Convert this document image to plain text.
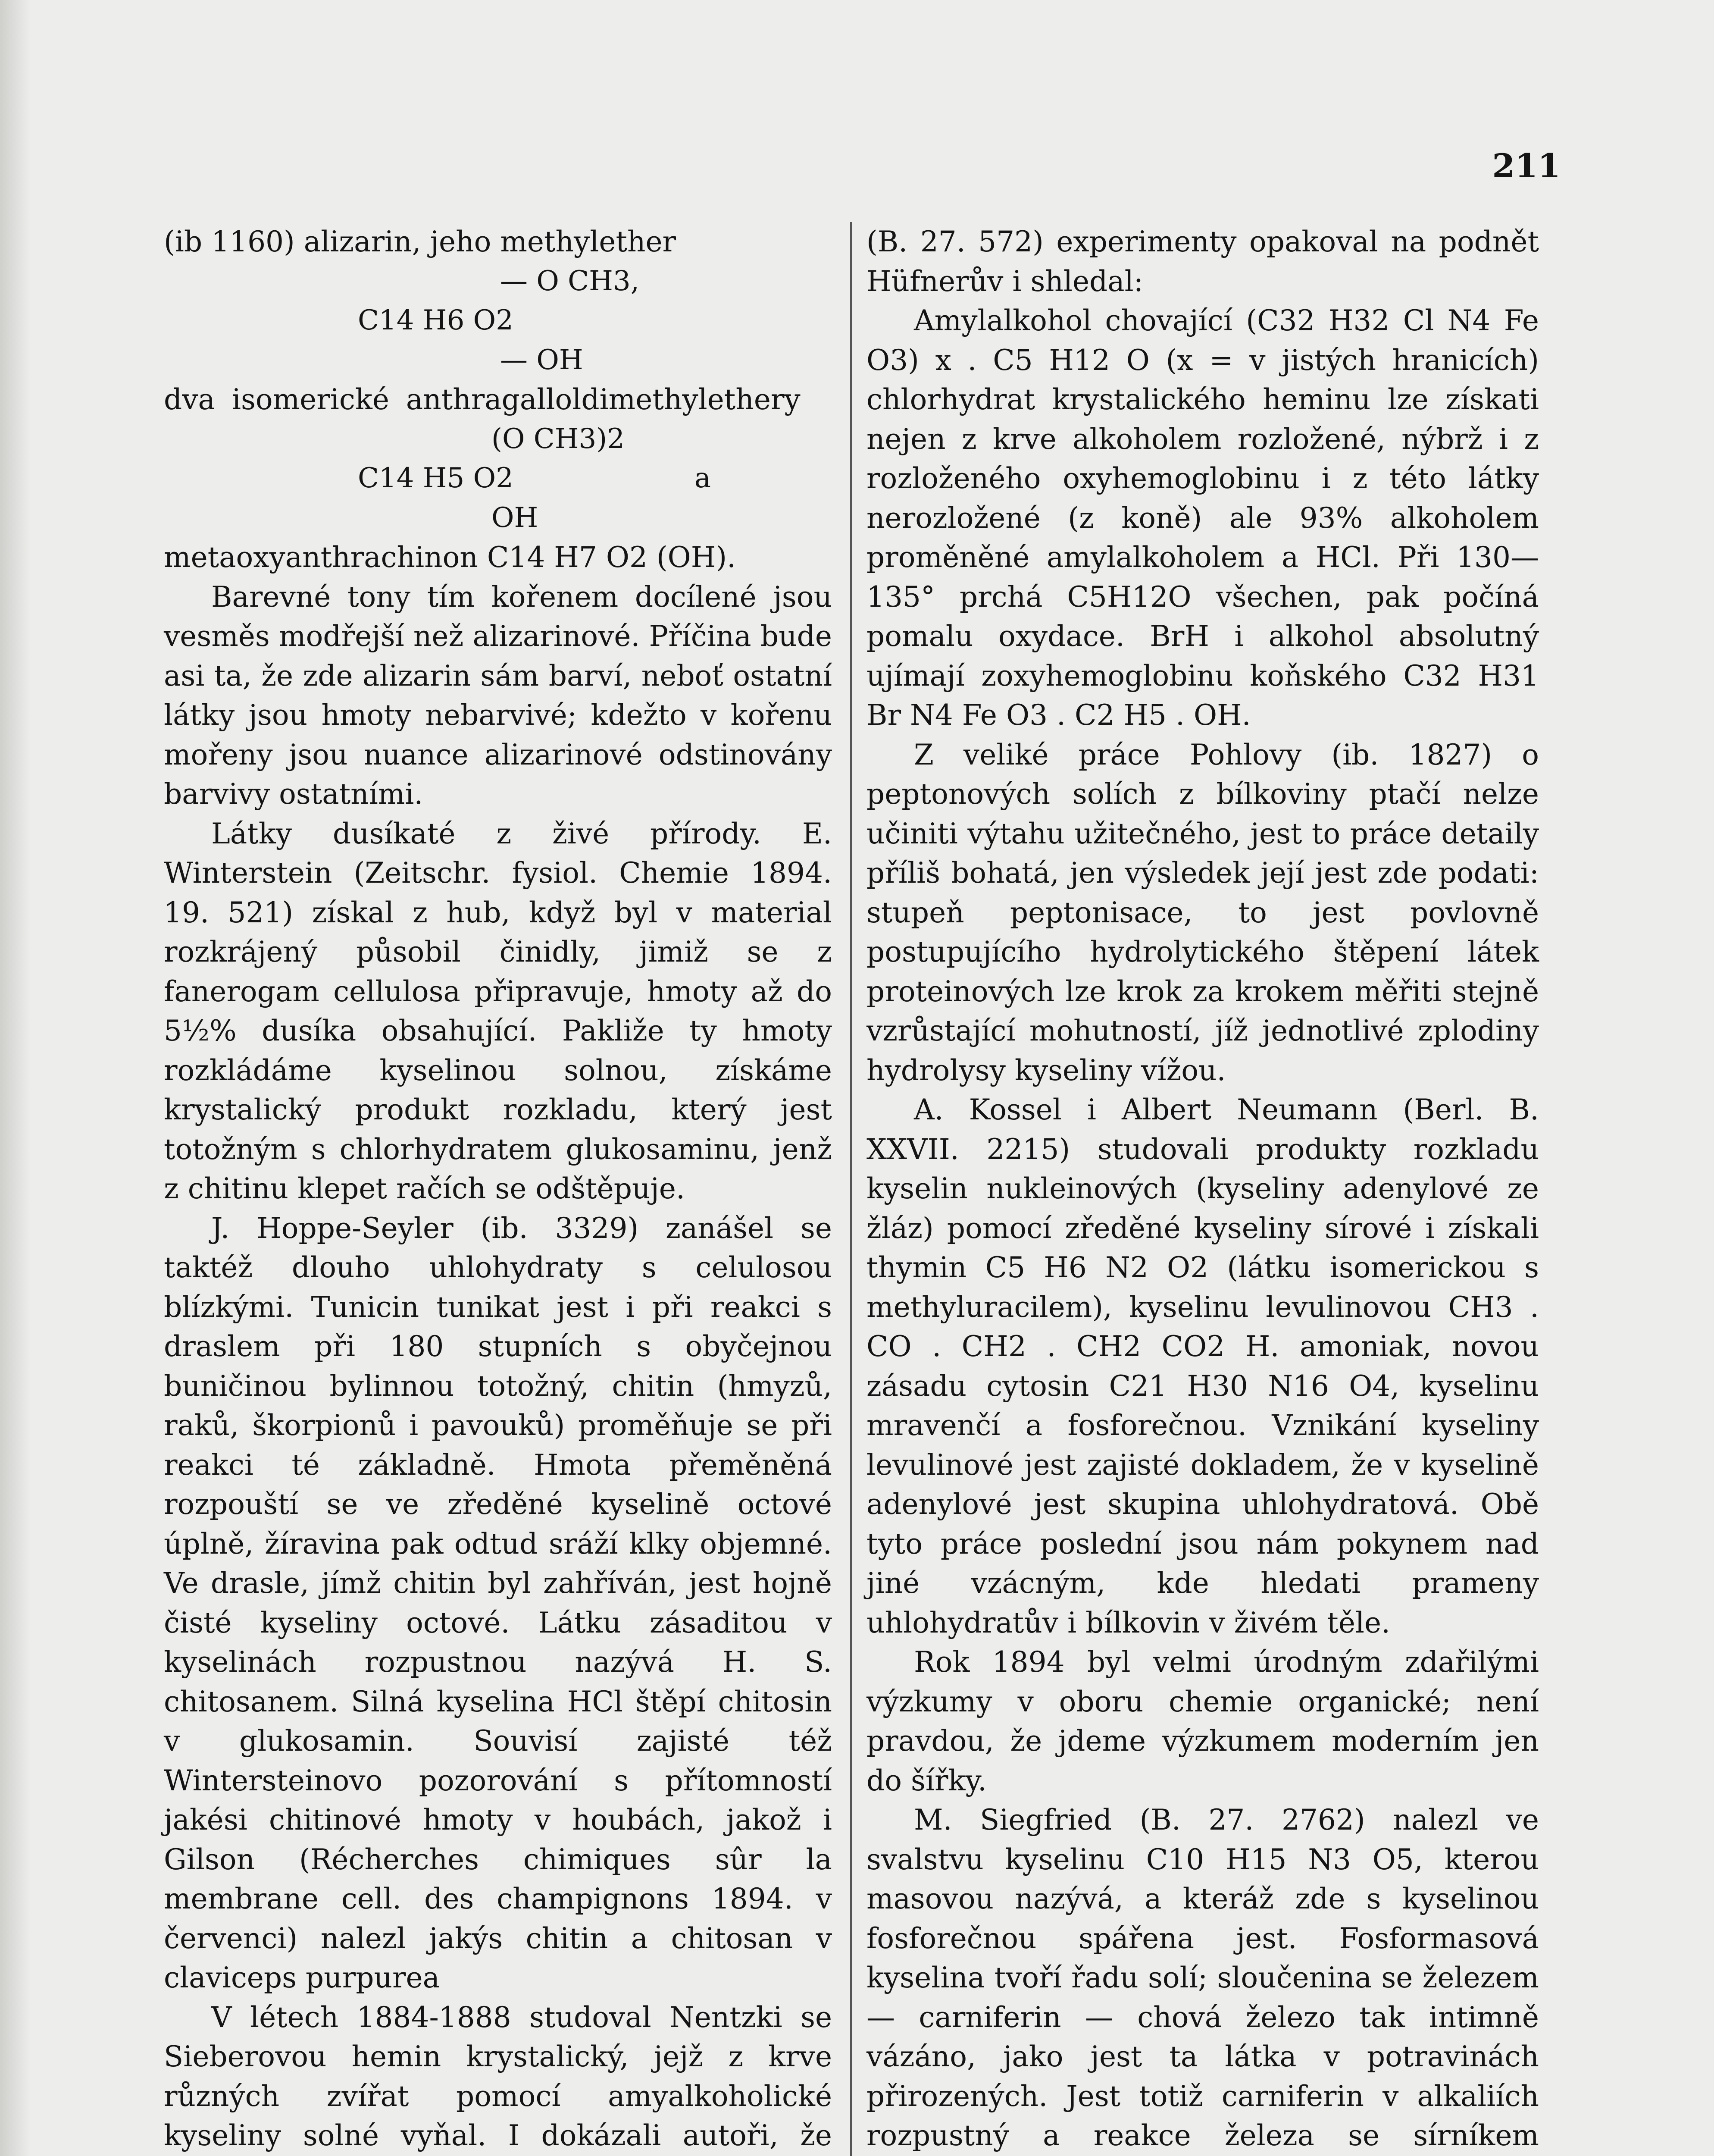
211

(ib 1160) alizarin, jeho methylether

— O CH3,
C14 H6 O2
— OH

dva isomerické anthragalloldimethylethery

(O CH3)2
C14 H5 O2	a
OH

metaoxyanthrachinon C14 H7 O2 (OH).

Barevné tony tím kořenem docílené jsou vesměs modřejší než alizarinové. Příčina bude asi ta, že zde alizarin sám barví, neboť ostatní látky jsou hmoty nebarvivé; kdežto v kořenu mořeny jsou nuance alizarinové odstinovány barvivy ostatními.

Látky dusíkaté z živé přírody. E. Winterstein (Zeitschr. fysiol. Chemie 1894. 19. 521) získal z hub, když byl v material rozkrájený působil činidly, jimiž se z fanerogam cellulosa připravuje, hmoty až do 5½% dusíka obsahující. Pakliže ty hmoty rozkládáme kyselinou solnou, získáme krystalický produkt rozkladu, který jest totožným s chlorhydratem glukosaminu, jenž z chitinu klepet račích se odštěpuje.

J. Hoppe-Seyler (ib. 3329) zanášel se taktéž dlouho uhlohydraty s celulosou blízkými. Tunicin tunikat jest i při reakci s draslem při 180 stupních s obyčejnou buničinou bylinnou totožný, chitin (hmyzů, raků, škorpionů i pavouků) proměňuje se při reakci té základně. Hmota přeměněná rozpouští se ve zředěné kyselině octové úplně, žíravina pak odtud sráží klky objemné. Ve drasle, jímž chitin byl zahříván, jest hojně čisté kyseliny octové. Látku zásaditou v kyselinách rozpustnou nazývá H. S. chitosanem. Silná kyselina HCl štěpí chitosin v glukosamin. Souvisí zajisté též Wintersteinovo pozorování s přítomností jakési chitinové hmoty v houbách, jakož i Gilson (Récherches chimiques sûr la membrane cell. des champignons 1894. v červenci) nalezl jakýs chitin a chitosan v claviceps purpurea

V létech 1884-1888 studoval Nentzki se Sieberovou hemin krystalický, jejž z krve různých zvířat pomocí amyalkoholické kyseliny solné vyňal. I dokázali autoři, že

(B. 27. 572) experimenty opakoval na podnět Hüfnerův i shledal:

Amylalkohol chovající (C32 H32 Cl N4 Fe O3) x . C5 H12 O (x = v jistých hranicích) chlorhydrat krystalického heminu lze získati nejen z krve alkoholem rozložené, nýbrž i z rozloženého oxyhemoglobinu i z této látky nerozložené (z koně) ale 93% alkoholem proměněné amylalkoholem a HCl. Při 130—135° prchá C5H12O všechen, pak počíná pomalu oxydace. BrH i alkohol absolutný ujímají zoxyhemoglobinu koňského C32 H31 Br N4 Fe O3 . C2 H5 . OH.

Z veliké práce Pohlovy (ib. 1827) o peptonových solích z bílkoviny ptačí nelze učiniti výtahu užitečného, jest to práce detaily příliš bohatá, jen výsledek její jest zde podati: stupeň peptonisace, to jest povlovně postupujícího hydrolytického štěpení látek proteinových lze krok za krokem měřiti stejně vzrůstající mohutností, jíž jednotlivé zplodiny hydrolysy kyseliny vížou.

A. Kossel i Albert Neumann (Berl. B. XXVII. 2215) studovali produkty rozkladu kyselin nukleinových (kyseliny adenylové ze žláz) pomocí zředěné kyseliny sírové i získali thymin C5 H6 N2 O2 (látku isomerickou s methyluracilem), kyselinu levulinovou CH3 . CO . CH2 . CH2 CO2 H. amoniak, novou zásadu cytosin C21 H30 N16 O4, kyselinu mravenčí a fosforečnou. Vznikání kyseliny levulinové jest zajisté dokladem, že v kyselině adenylové jest skupina uhlohydratová. Obě tyto práce poslední jsou nám pokynem nad jiné vzácným, kde hledati prameny uhlohydratův i bílkovin v živém těle.

Rok 1894 byl velmi úrodným zdařilými výzkumy v oboru chemie organické; není pravdou, že jdeme výzkumem moderním jen do šířky.

M. Siegfried (B. 27. 2762) nalezl ve svalstvu kyselinu C10 H15 N3 O5, kterou masovou nazývá, a kteráž zde s kyselinou fosforečnou spářena jest. Fosformasová kyselina tvoří řadu solí; sloučenina se železem — carniferin — chová železo tak intimně vázáno, jako jest ta látka v potravinách přirozených. Jest totiž carniferin v alkaliích rozpustný a reakce železa se sírníkem
